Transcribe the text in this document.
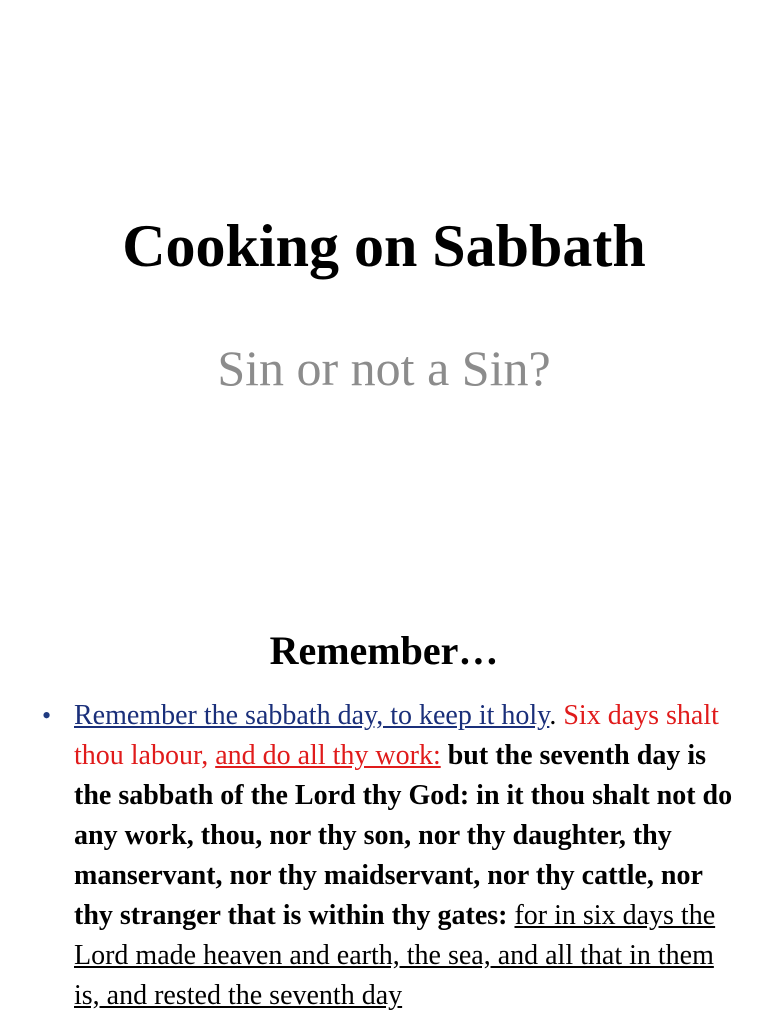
Cooking on Sabbath

Sin or not a Sin?

Remember…
• Remember the sabbath day, to keep it holy. Six days shalt thou labour, and do all thy work: but the seventh day is the sabbath of the Lord thy God: in it thou shalt not do any work, thou, nor thy son, nor thy daughter, thy manservant, nor thy maidservant, nor thy cattle, nor thy stranger that is within thy gates: for in six days the Lord made heaven and earth, the sea, and all that in them is, and rested the seventh day
